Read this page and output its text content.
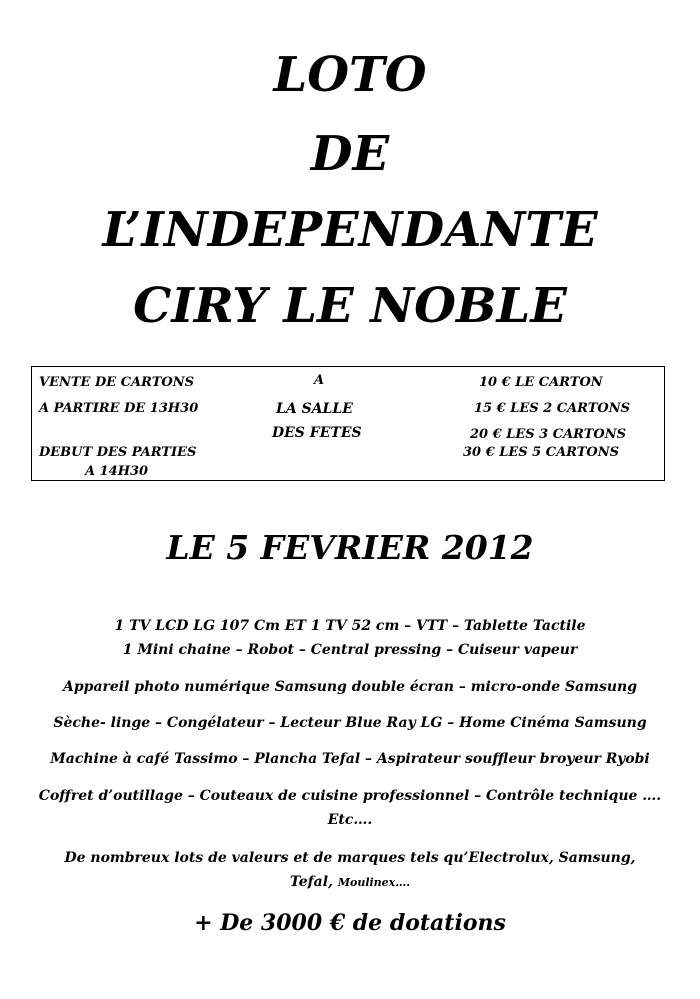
LOTO
DE
L’INDEPENDANTE
CIRY LE NOBLE
VENTE DE CARTONS
A PARTIRE DE 13H30
DEBUT DES PARTIES
A 14H30
A
LA SALLE
DES FETES
10 € LE CARTON
15 € LES 2 CARTONS
20 € LES 3 CARTONS
30 € LES 5 CARTONS
LE 5 FEVRIER 2012
1 TV LCD LG 107 Cm ET 1 TV 52 cm – VTT – Tablette Tactile
1 Mini chaine – Robot – Central pressing – Cuiseur vapeur
Appareil photo numérique Samsung double écran – micro-onde Samsung
Sèche- linge – Congélateur – Lecteur Blue Ray LG – Home Cinéma Samsung
Machine à café Tassimo – Plancha Tefal – Aspirateur souffleur broyeur Ryobi
Coffret d’outillage – Couteaux de cuisine professionnel – Contrôle technique ….
Etc….
De nombreux lots de valeurs et de marques tels qu’Electrolux, Samsung,
Tefal, Moulinex….
+ De 3000 € de dotations
